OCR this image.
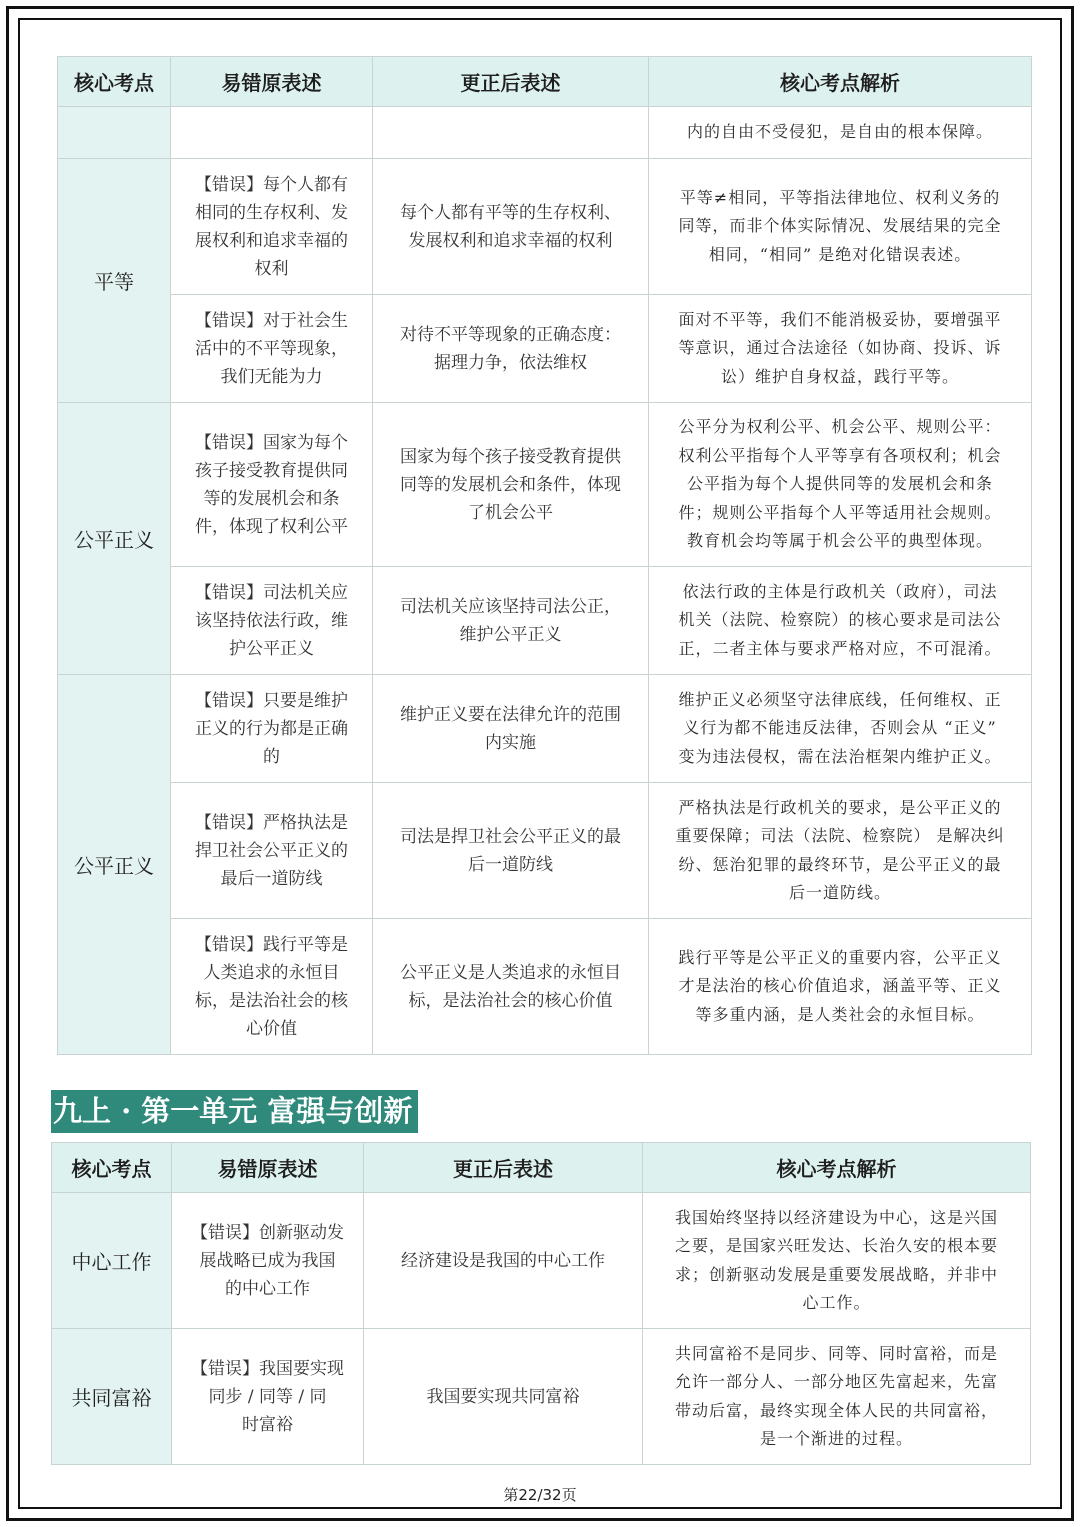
核心考点	易错原表述	更正后表述	核心考点解析

			内的自由不受侵犯，是自由的根本保障。

平等	【错误】每个人都有
相同的生存权利、发
展权利和追求幸福的
权利	每个人都有平等的生存权利、
发展权利和追求幸福的权利	平等≠相同，平等指法律地位、权利义务的
同等，而非个体实际情况、发展结果的完全
相同，“相同” 是绝对化错误表述。

	【错误】对于社会生
活中的不平等现象，
我们无能为力	对待不平等现象的正确态度：
据理力争，依法维权	面对不平等，我们不能消极妥协，要增强平
等意识，通过合法途径（如协商、投诉、诉
讼）维护自身权益，践行平等。

公平正义	【错误】国家为每个
孩子接受教育提供同
等的发展机会和条
件，体现了权利公平	国家为每个孩子接受教育提供
同等的发展机会和条件，体现
了机会公平	公平分为权利公平、机会公平、规则公平：
权利公平指每个人平等享有各项权利；机会
公平指为每个人提供同等的发展机会和条
件；规则公平指每个人平等适用社会规则。
教育机会均等属于机会公平的典型体现。

	【错误】司法机关应
该坚持依法行政，维
护公平正义	司法机关应该坚持司法公正，
维护公平正义	依法行政的主体是行政机关（政府），司法
机关（法院、检察院）的核心要求是司法公
正，二者主体与要求严格对应，不可混淆。

公平正义	【错误】只要是维护
正义的行为都是正确
的	维护正义要在法律允许的范围
内实施	维护正义必须坚守法律底线，任何维权、正
义行为都不能违反法律，否则会从 “正义”
变为违法侵权，需在法治框架内维护正义。

	【错误】严格执法是
捍卫社会公平正义的
最后一道防线	司法是捍卫社会公平正义的最
后一道防线	严格执法是行政机关的要求，是公平正义的
重要保障；司法（法院、检察院） 是解决纠
纷、惩治犯罪的最终环节，是公平正义的最
后一道防线。

	【错误】践行平等是
人类追求的永恒目
标，是法治社会的核
心价值	公平正义是人类追求的永恒目
标，是法治社会的核心价值	践行平等是公平正义的重要内容，公平正义
才是法治的核心价值追求，涵盖平等、正义
等多重内涵，是人类社会的永恒目标。
九上 · 第一单元 富强与创新
核心考点	易错原表述	更正后表述	核心考点解析
中心工作	【错误】创新驱动发
展战略已成为我国
的中心工作	经济建设是我国的中心工作	我国始终坚持以经济建设为中心，这是兴国
之要，是国家兴旺发达、长治久安的根本要
求；创新驱动发展是重要发展战略，并非中
心工作。

共同富裕	【错误】我国要实现
同步 / 同等 / 同
时富裕	我国要实现共同富裕	共同富裕不是同步、同等、同时富裕，而是
允许一部分人、一部分地区先富起来，先富
带动后富，最终实现全体人民的共同富裕，
是一个渐进的过程。
第22/32页
